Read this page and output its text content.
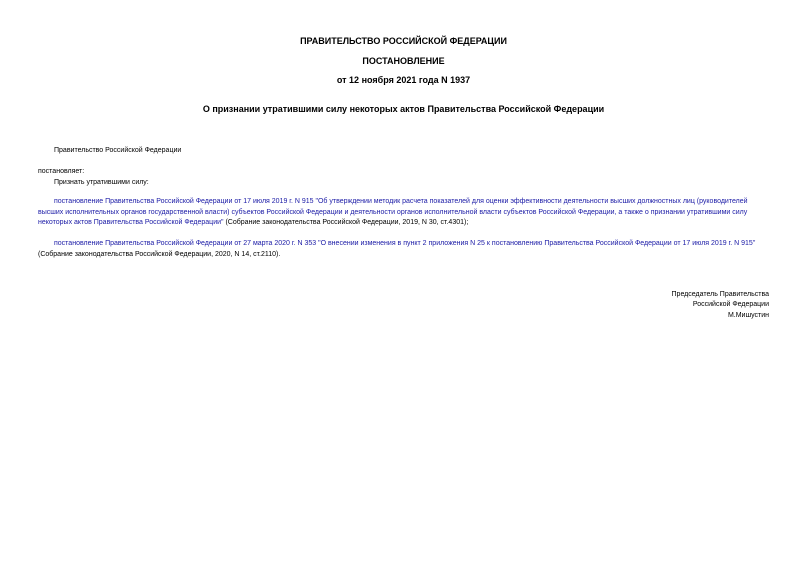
ПРАВИТЕЛЬСТВО РОССИЙСКОЙ ФЕДЕРАЦИИ
ПОСТАНОВЛЕНИЕ
от 12 ноября 2021 года N 1937
О признании утратившими силу некоторых актов Правительства Российской Федерации
Правительство Российской Федерации
постановляет:
Признать утратившими силу:
постановление Правительства Российской Федерации от 17 июля 2019 г. N 915 "Об утверждении методик расчета показателей для оценки эффективности деятельности высших должностных лиц (руководителей высших исполнительных органов государственной власти) субъектов Российской Федерации и деятельности органов исполнительной власти субъектов Российской Федерации, а также о признании утратившими силу некоторых актов Правительства Российской Федерации" (Собрание законодательства Российской Федерации, 2019, N 30, ст.4301);
постановление Правительства Российской Федерации от 27 марта 2020 г. N 353 "О внесении изменения в пункт 2 приложения N 25 к постановлению Правительства Российской Федерации от 17 июля 2019 г. N 915" (Собрание законодательства Российской Федерации, 2020, N 14, ст.2110).
Председатель Правительства
Российской Федерации
М.Мишустин
